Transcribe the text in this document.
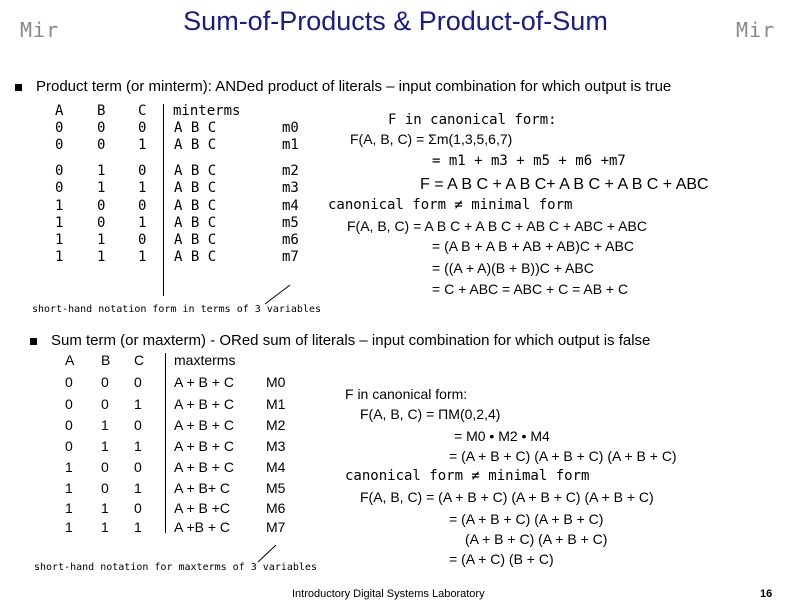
Sum-of-Products & Product-of-Sum
Mir	Mir
Product term (or minterm): ANDed product of literals – input combination for which output is true
A B C minterms
0 0 0 A B C	m0
0 0 1 A B C	m1
0 1 0 A B C	m2
0 1 1 A B C	m3
1 0 0 A B C	m4
1 0 1 A B C	m5
1 1 0 A B C	m6
1 1 1 A B C	m7
short-hand notation form in terms of 3 variables
F in canonical form:
F(A, B, C) = Σm(1,3,5,6,7)
= m1 + m3 + m5 + m6 +m7
F = A B C + A B C+ A B C + A B C + ABC
canonical form ≠ minimal form
F(A, B, C) = A B C + A B C + AB C + ABC + ABC
= (A B + A B + AB + AB)C + ABC
= ((A + A)(B + B))C + ABC
= C + ABC = ABC + C = AB + C
Sum term (or maxterm) - ORed sum of literals – input combination for which output is false
A B C maxterms
0 0 0 A + B + C M0
0 0 1 A + B + C M1
0 1 0 A + B + C M2
0 1 1 A + B + C M3
1 0 0 A + B + C M4
1 0 1 A + B+ C	M5
1 1 0 A + B +C	M6
1 1 1 A +B + C	M7
short-hand notation for maxterms of 3 variables
F in canonical form:
F(A, B, C) = ΠM(0,2,4)
= M0 • M2 • M4
= (A + B + C) (A + B + C) (A + B + C)
canonical form ≠ minimal form
F(A, B, C) = (A + B + C) (A + B + C) (A + B + C)
= (A + B + C) (A + B + C)
(A + B + C) (A + B + C)
= (A + C) (B + C)
Introductory Digital Systems Laboratory	16
